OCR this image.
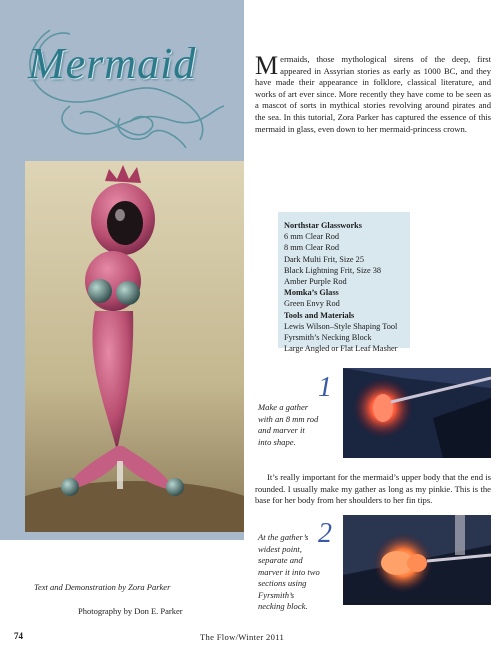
Mermaid
Text and Demonstration by Zora Parker
Photography by Don E. Parker
Mermaids, those mythological sirens of the deep, first appeared in Assyrian stories as early as 1000 BC, and they have made their appearance in folklore, classical literature, and works of art ever since. More recently they have come to be seen as a mascot of sorts in mythical stories revolving around pirates and the sea. In this tutorial, Zora Parker has captured the essence of this mermaid in glass, even down to her mermaid-princess crown.
Northstar Glassworks
6 mm Clear Rod
8 mm Clear Rod
Dark Multi Frit, Size 25
Black Lightning Frit, Size 38
Amber Purple Rod
Momka’s Glass
Green Envy Rod
Tools and Materials
Lewis Wilson–Style Shaping Tool
Fyrsmith’s Necking Block
Large Angled or Flat Leaf Masher
Make a gather with an 8 mm rod and marver it into shape.
1
It’s really important for the mermaid’s upper body that the end is rounded. I usually make my gather as long as my pinkie. This is the base for her body from her shoulders to her fin tips.
At the gather’s widest point, separate and marver it into two sections using Fyrsmith’s necking block.
2
74	The Flow/Winter 2011
